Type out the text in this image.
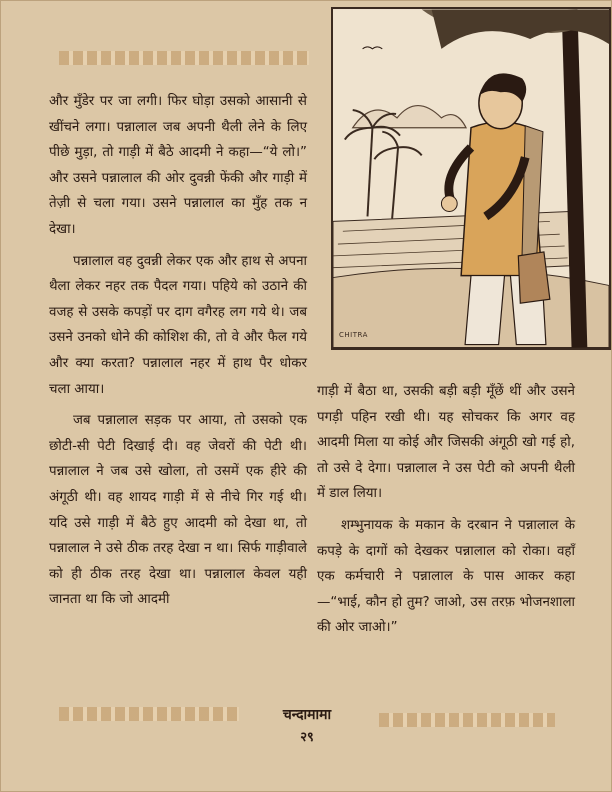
CHITRA

और मुँडेर पर जा लगी। फिर घोड़ा उसको आसानी से खींचने लगा। पन्नालाल जब अपनी थैली लेने के लिए पीछे मुड़ा, तो गाड़ी में बैठे आदमी ने कहा—“ये लो।” और उसने पन्नालाल की ओर दुवन्नी फेंकी और गाड़ी में तेज़ी से चला गया। उसने पन्नालाल का मुँह तक न देखा।

पन्नालाल वह दुवन्नी लेकर एक और हाथ से अपना थैला लेकर नहर तक पैदल गया। पहिये को उठाने की वजह से उसके कपड़ों पर दाग वगैरह लग गये थे। जब उसने उनको धोने की कोशिश की, तो वे और फैल गये और क्या करता? पन्नालाल नहर में हाथ पैर धोकर चला आया।

जब पन्नालाल सड़क पर आया, तो उसको एक छोटी-सी पेटी दिखाई दी। वह जेवरों की पेटी थी। पन्नालाल ने जब उसे खोला, तो उसमें एक हीरे की अंगूठी थी। वह शायद गाड़ी में से नीचे गिर गई थी। यदि उसे गाड़ी में बैठे हुए आदमी को देखा था, तो पन्नालाल ने उसे ठीक तरह देखा न था। सिर्फ गाड़ीवाले को ही ठीक तरह देखा था। पन्नालाल केवल यही जानता था कि जो आदमी

गाड़ी में बैठा था, उसकी बड़ी बड़ी मूँछें थीं और उसने पगड़ी पहिन रखी थी। यह सोचकर कि अगर वह आदमी मिला या कोई और जिसकी अंगूठी खो गई हो, तो उसे दे देगा। पन्नालाल ने उस पेटी को अपनी थैली में डाल लिया।

शम्भुनायक के मकान के दरबान ने पन्नालाल के कपड़े के दागों को देखकर पन्नालाल को रोका। वहाँ एक कर्मचारी ने पन्नालाल के पास आकर कहा—“भाई, कौन हो तुम? जाओ, उस तरफ़ भोजनशाला की ओर जाओ।”

चन्दामामा
२९
